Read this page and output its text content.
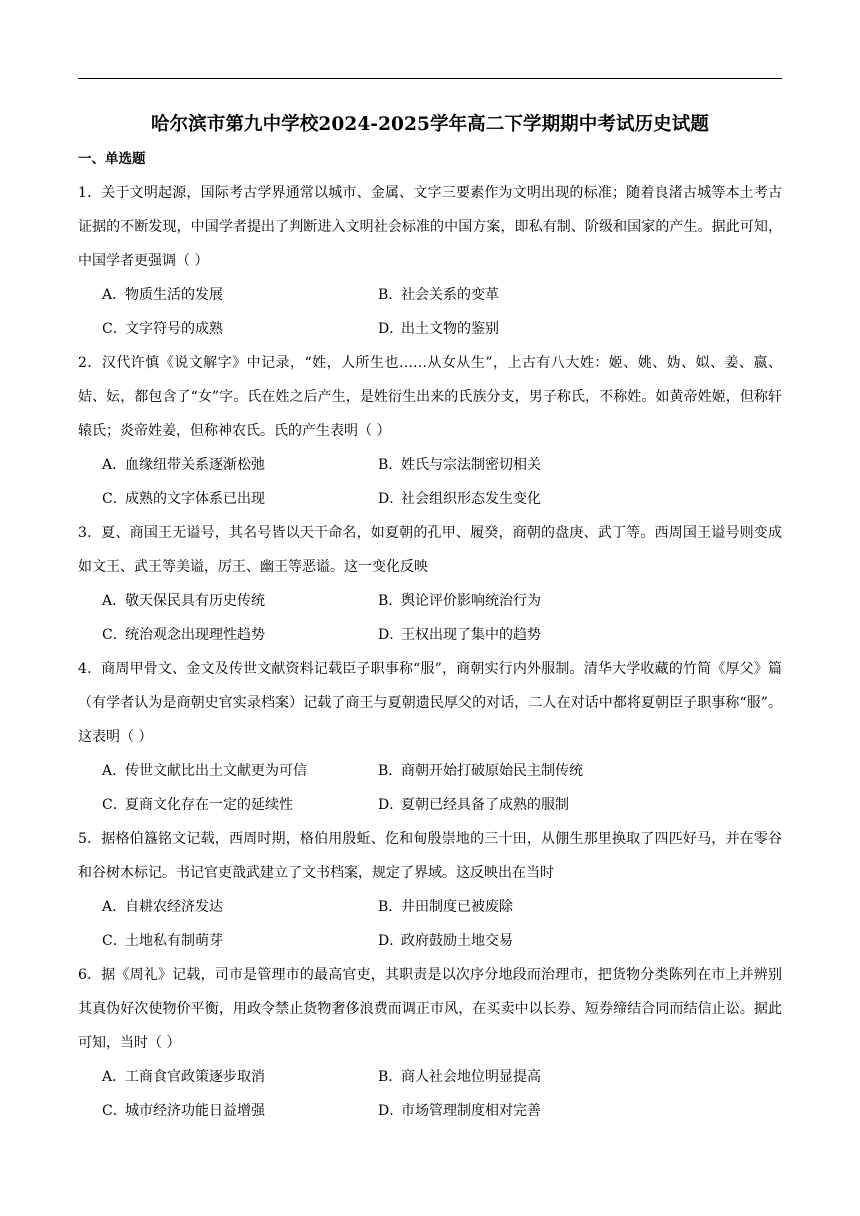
哈尔滨市第九中学校2024-2025学年高二下学期期中考试历史试题
一、单选题

1．关于文明起源，国际考古学界通常以城市、金属、文字三要素作为文明出现的标准；随着良渚古城等本土考古证据的不断发现，中国学者提出了判断进入文明社会标准的中国方案，即私有制、阶级和国家的产生。据此可知，中国学者更强调（ ）

A．
物质生活的发展	B．
社会关系的变革
C．
文字符号的成熟	D．
出土文物的鉴别

2．汉代许慎《说文解字》中记录，“姓，人所生也……从女从生”，上古有八大姓：姬、姚、妫、姒、姜、嬴、姞、妘，都包含了“女”字。氏在姓之后产生，是姓衍生出来的氏族分支，男子称氏，不称姓。如黄帝姓姬，但称轩辕氏；炎帝姓姜，但称神农氏。氏的产生表明（ ）

A．
血缘纽带关系逐渐松弛	B．
姓氏与宗法制密切相关
C．
成熟的文字体系已出现	D．
社会组织形态发生变化

3．夏、商国王无谥号，其名号皆以天干命名，如夏朝的孔甲、履癸，商朝的盘庚、武丁等。西周国王谥号则变成如文王、武王等美谥，厉王、幽王等恶谥。这一变化反映

A．
敬天保民具有历史传统	B．
舆论评价影响统治行为
C．
统治观念出现理性趋势	D．
王权出现了集中的趋势

4．商周甲骨文、金文及传世文献资料记载臣子职事称“服”，商朝实行内外服制。清华大学收藏的竹简《厚父》篇（有学者认为是商朝史官实录档案）记载了商王与夏朝遗民厚父的对话，二人在对话中都将夏朝臣子职事称“服”。这表明（ ）

A．
传世文献比出土文献更为可信	B．
商朝开始打破原始民主制传统
C．
夏商文化存在一定的延续性	D．
夏朝已经具备了成熟的服制

5．据格伯簋铭文记载，西周时期，格伯用殷蚯、仡和甸殷崇地的三十田，从倗生那里换取了四匹好马，并在零谷和谷树木标记。书记官吏戠武建立了文书档案，规定了界域。这反映出在当时

A．
自耕农经济发达	B．
井田制度已被废除
C．
土地私有制萌芽	D．
政府鼓励土地交易

6．据《周礼》记载，司市是管理市的最高官吏，其职责是以次序分地段而治理市，把货物分类陈列在市上并辨别其真伪好次使物价平衡，用政令禁止货物奢侈浪费而调正市风，在买卖中以长券、短券缔结合同而结信止讼。据此可知，当时（ ）

A．
工商食官政策逐步取消	B．
商人社会地位明显提高
C．
城市经济功能日益增强	D．
市场管理制度相对完善
